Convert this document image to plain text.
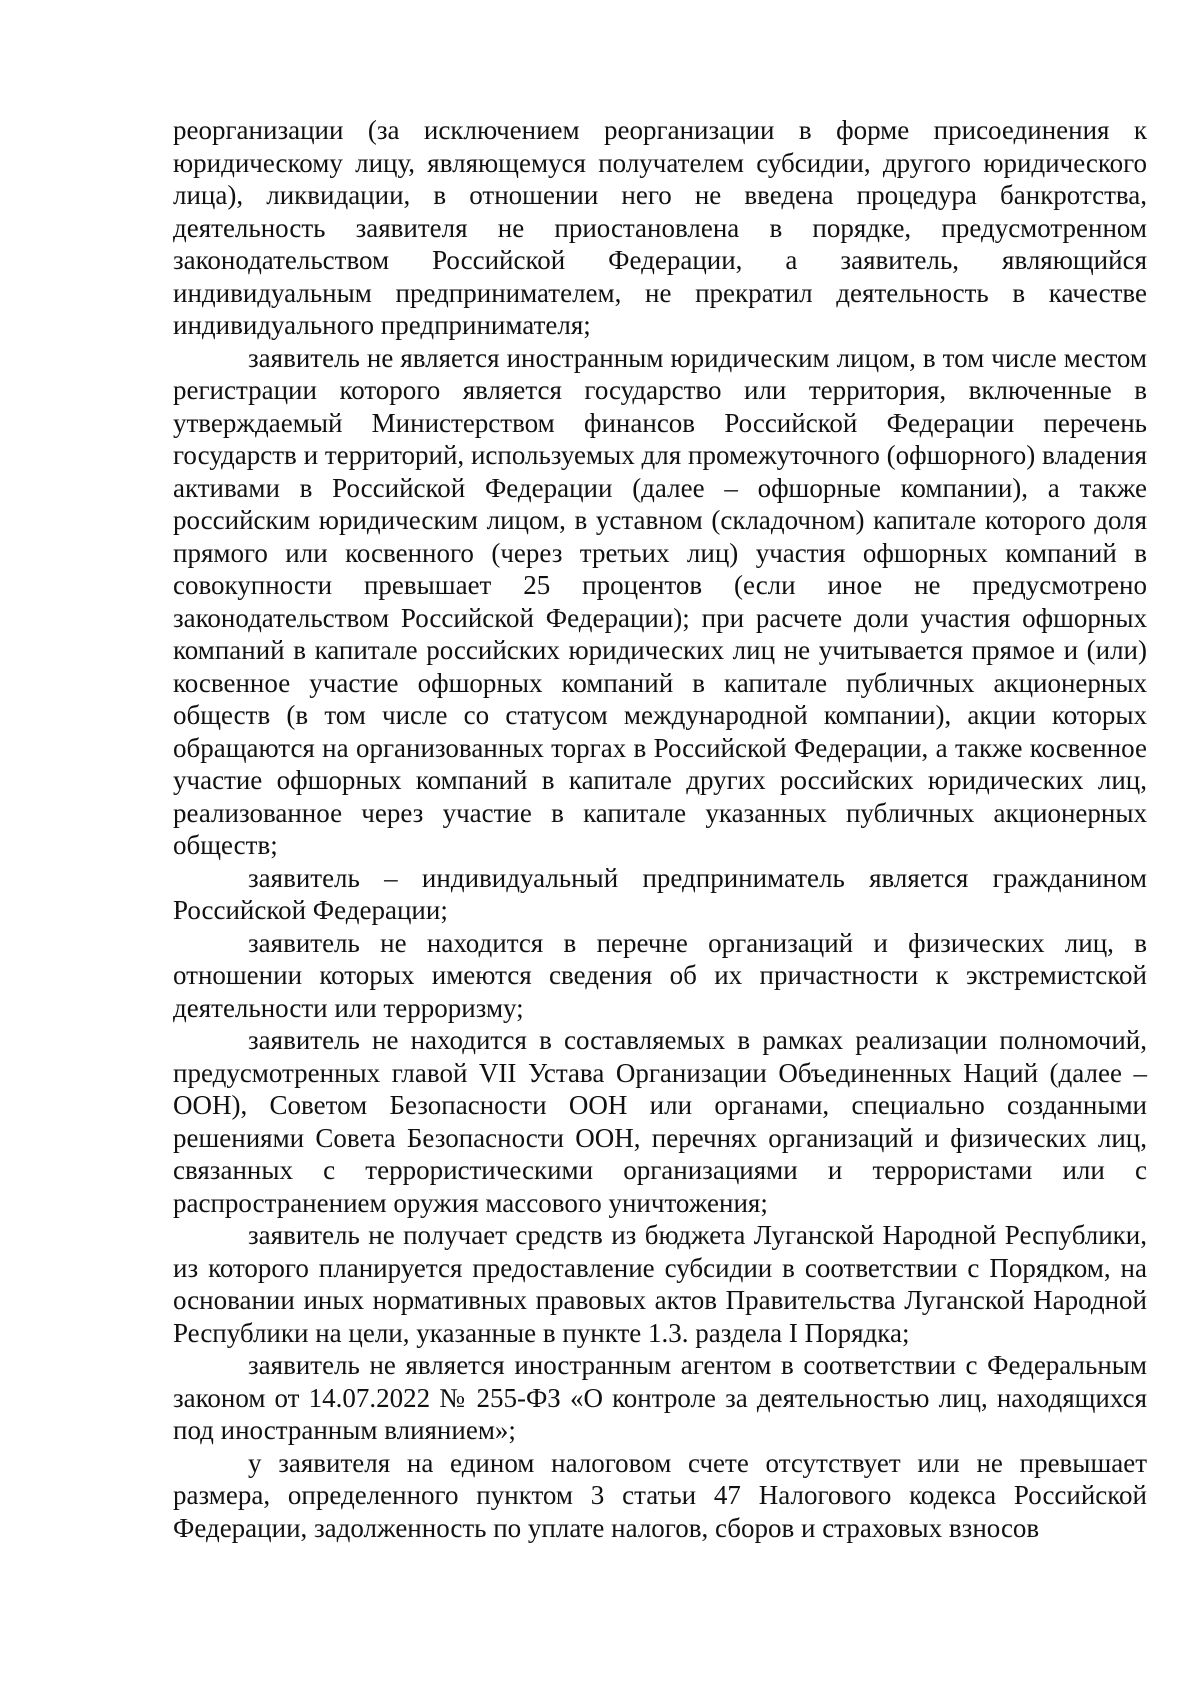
реорганизации (за исключением реорганизации в форме присоединения к юридическому лицу, являющемуся получателем субсидии, другого юридического лица), ликвидации, в отношении него не введена процедура банкротства, деятельность заявителя не приостановлена в порядке, предусмотренном законодательством Российской Федерации, а заявитель, являющийся индивидуальным предпринимателем, не прекратил деятельность в качестве индивидуального предпринимателя;

заявитель не является иностранным юридическим лицом, в том числе местом регистрации которого является государство или территория, включенные в утверждаемый Министерством финансов Российской Федерации перечень государств и территорий, используемых для промежуточного (офшорного) владения активами в Российской Федерации (далее – офшорные компании), а также российским юридическим лицом, в уставном (складочном) капитале которого доля прямого или косвенного (через третьих лиц) участия офшорных компаний в совокупности превышает 25 процентов (если иное не предусмотрено законодательством Российской Федерации); при расчете доли участия офшорных компаний в капитале российских юридических лиц не учитывается прямое и (или) косвенное участие офшорных компаний в капитале публичных акционерных обществ (в том числе со статусом международной компании), акции которых обращаются на организованных торгах в Российской Федерации, а также косвенное участие офшорных компаний в капитале других российских юридических лиц, реализованное через участие в капитале указанных публичных акционерных обществ;

заявитель – индивидуальный предприниматель является гражданином Российской Федерации;

заявитель не находится в перечне организаций и физических лиц, в отношении которых имеются сведения об их причастности к экстремистской деятельности или терроризму;

заявитель не находится в составляемых в рамках реализации полномочий, предусмотренных главой VII Устава Организации Объединенных Наций (далее – ООН), Советом Безопасности ООН или органами, специально созданными решениями Совета Безопасности ООН, перечнях организаций и физических лиц, связанных с террористическими организациями и террористами или с распространением оружия массового уничтожения;

заявитель не получает средств из бюджета Луганской Народной Республики, из которого планируется предоставление субсидии в соответствии с Порядком, на основании иных нормативных правовых актов Правительства Луганской Народной Республики на цели, указанные в пункте 1.3. раздела I Порядка;

заявитель не является иностранным агентом в соответствии с Федеральным законом от 14.07.2022 № 255-ФЗ «О контроле за деятельностью лиц, находящихся под иностранным влиянием»;

у заявителя на едином налоговом счете отсутствует или не превышает размера, определенного пунктом 3 статьи 47 Налогового кодекса Российской Федерации, задолженность по уплате налогов, сборов и страховых взносов
